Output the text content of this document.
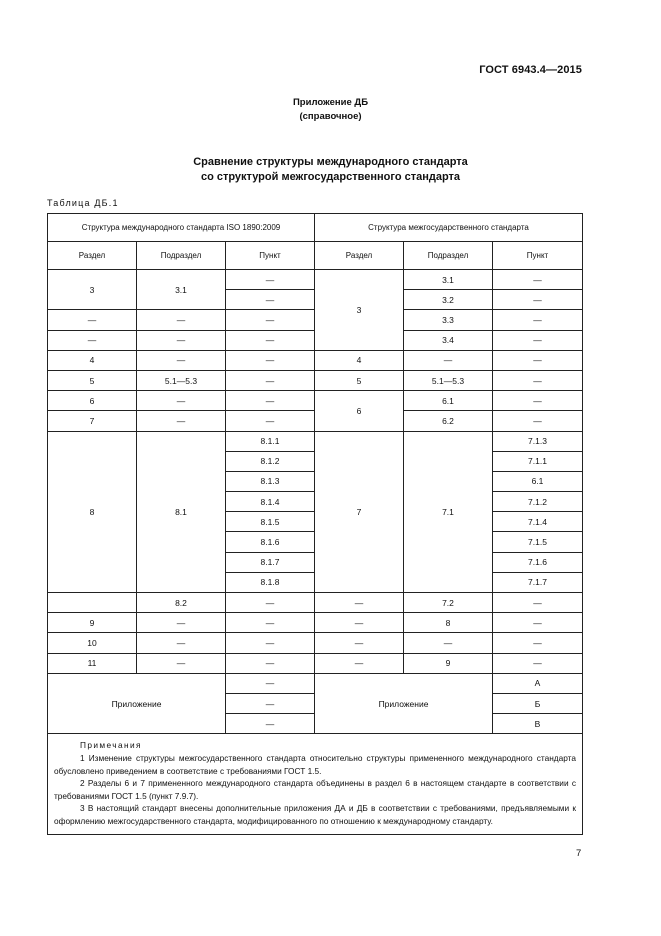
ГОСТ 6943.4—2015
Приложение ДБ
(справочное)
Сравнение структуры международного стандарта
со структурой межгосударственного стандарта
Таблица ДБ.1
Структура международного стандарта ISO 1890:2009			Структура межгосударственного стандарта		
Раздел	Подраздел	Пункт	Раздел	Подраздел	Пункт
3	3.1	—	3	3.1	—
		—		3.2	—
—	—	—		3.3	—
—	—	—		3.4	—
4	—	—	4	—	—
5	5.1—5.3	—	5	5.1—5.3	—
6	—	—	6	6.1	—
7	—	—		6.2	—
8	8.1	8.1.1	7	7.1	7.1.3
		8.1.2			7.1.1
		8.1.3			6.1
		8.1.4			7.1.2
		8.1.5			7.1.4
		8.1.6			7.1.5
		8.1.7			7.1.6
		8.1.8			7.1.7
	8.2	—	—	7.2	—
9	—	—	—	8	—
10	—	—	—	—	—
11	—	—	—	9	—
Приложение		—	Приложение		А
		—			Б
		—			В

Примечания
1 Изменение структуры межгосударственного стандарта относительно структуры примененного международного стандарта обусловлено приведением в соответствие с требованиями ГОСТ 1.5.
2 Разделы 6 и 7 примененного международного стандарта объединены в раздел 6 в настоящем стандарте в соответствии с требованиями ГОСТ 1.5 (пункт 7.9.7).
3 В настоящий стандарт внесены дополнительные приложения ДА и ДБ в соответствии с требованиями, предъявляемыми к оформлению межгосударственного стандарта, модифицированного по отношению к международному стандарту.					
7
